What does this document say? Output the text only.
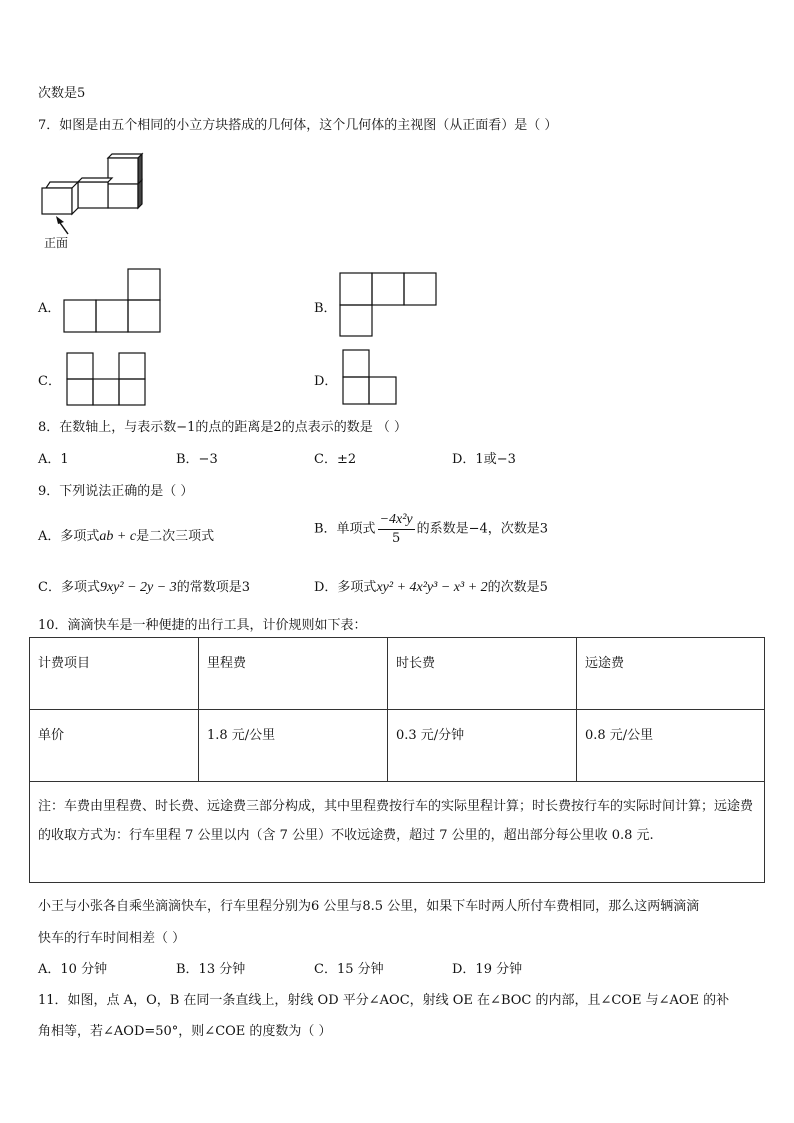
次数是5
7．如图是由五个相同的小立方块搭成的几何体，这个几何体的主视图（从正面看）是（ ）
正面
A．	B．
C．	D．
8．在数轴上，与表示数−1的点的距离是2的点表示的数是 （ ）
A．1	B．−3	C．±2	D．1或−3
9．下列说法正确的是（ ）
A．多项式ab + c是二次三项式	B．单项式 $\frac{\text{−4x²y}}{5}$ 的系数是−4，次数是3
C．多项式9xy² − 2y − 3的常数项是3	D．多项式xy² + 4x²y³ − x³ + 2的次数是5
10．滴滴快车是一种便捷的出行工具，计价规则如下表：
计费项目	里程费	时长费	远途费
单价	1.8 元/公里	0.3 元/分钟	0.8 元/公里
注：车费由里程费、时长费、远途费三部分构成，其中里程费按行车的实际里程计算；时长费按行车的实际时间计算；远途费的收取方式为：行车里程 7 公里以内（含 7 公里）不收远途费，超过 7 公里的，超出部分每公里收 0.8 元.			
小王与小张各自乘坐滴滴快车，行车里程分别为6 公里与8.5 公里，如果下车时两人所付车费相同，那么这两辆滴滴
快车的行车时间相差（ ）
A．10 分钟	B．13 分钟	C．15 分钟	D．19 分钟
11．如图，点 A，O，B 在同一条直线上，射线 OD 平分∠AOC，射线 OE 在∠BOC 的内部，且∠COE 与∠AOE 的补
角相等，若∠AOD=50°，则∠COE 的度数为（ ）
